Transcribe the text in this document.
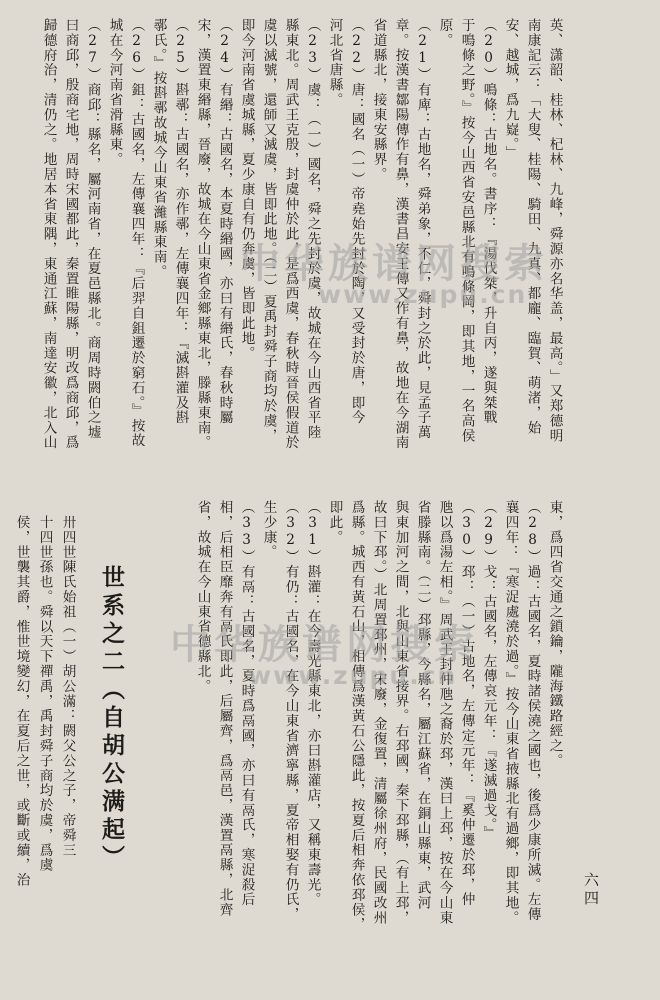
英、潇韶、桂林、杞林、九峰，舜源亦名华盖，最高。」又郑德明
南康記云：「大叟、桂陽、騎田、九真、都龐、臨賀、萌渚，始
安、越城，爲九嶷。」
（20）鳴條：古地名。書序：『湯伐桀，升自丙，遂與桀戰
于鳴條之野。』按今山西省安邑縣北有鳴條岡，即其地，一名高侯
原。
（21）有庳：古地名，舜弟象，不仁，舜封之於此，見孟子萬
章。按漢書鄒陽傳作有鼻，漢書昌安王傳又作有鼻，故地在今湖南
省道縣北，接東安縣界。
（22）唐：國名（一）帝堯始先封於陶，又受封於唐，即今
河北省唐縣。
（23）虞：（一）國名，舜之先封於虞，故城在今山西省平陸
縣東北。周武王克殷，封虞仲於此，是爲西虞，春秋時晉侯假道於
虞以滅號，還師又滅虞，皆即此地。（二）夏禹封舜子商均於虞，
即今河南省虞城縣，夏少康自有仍奔虞，皆即此地。
（24）有緡：古國名，本夏時緡國，亦曰有緡氏，春秋時屬
宋，漢置東緡縣，晉廢，故城在今山東省金鄉縣東北，滕縣東南。
（25）斟鄩：古國名，亦作鄩，左傳襄四年：『滅斟灌及斟
鄩氏。』按斟鄩故城今山東省濰縣東南。
（26）鉏：古國名，左傳襄四年：『后羿自鉏遷於窮石。』按故
城在今河南省滑縣東。
（27）商邱：縣名，屬河南省，在夏邑縣北。商周時閼伯之墟
曰商邱，殷商宅地，周時宋國都此，秦置睢陽縣，明改爲商邱，爲
歸德府治，清仍之。地居本省東隅，東通江蘇，南達安徽，北入山
東，爲四省交通之鎖鑰，隴海鐵路經之。
（28）過：古國名，夏時諸侯澆之國也，後爲少康所滅。左傳
襄四年：『寒浞處澆於過。』按今山東省掖縣北有過鄉，即其地。
（29）戈：古國名，左傳哀元年：『遂滅過戈。』
（30）邳：（一）古地名，左傳定元年：『奚仲遷於邳，仲
虺以爲湯左相。』周武王封仲虺之裔於邳，漢曰上邳，按在今山東
省滕縣南。（二）邳縣，今縣名，屬江蘇省，在銅山縣東，武河
與東加河之間，北與山東省接界。右邳國，秦下邳縣，（有上邳，
故曰下邳。）北周置邳州，宋廢，金復置，清屬徐州府，民國改州
爲縣。城西有黃石山，相傳爲漢黃石公隱此，按夏后相奔依邳侯，
即此。
（31）斟灌：在今壽光縣東北，亦曰斟灌店，又稱東壽光。
（32）有仍：古國名，在今山東省濟寧縣，夏帝相娶有仍氏，
生少康。
（33）有鬲：古國名，夏時爲鬲國，亦曰有鬲氏，寒浞殺后
相，后相臣靡奔有鬲氏即此，后屬齊，爲鬲邑，漢置鬲縣，北齊
省，故城在今山東省德縣北。
卅四世陳氏始祖（一）胡公滿：閼父公之子，帝舜三
十四世孫也。舜以天下禪禹，禹封舜子商均於虞，爲虞
侯，世襲其爵，惟世境變幻，在夏后之世，或斷或續，治	世系之二（自胡公满起）
六四
中华族谱网搜索
www.zupu.cn
中华族谱网搜索
www.zupu.cn
